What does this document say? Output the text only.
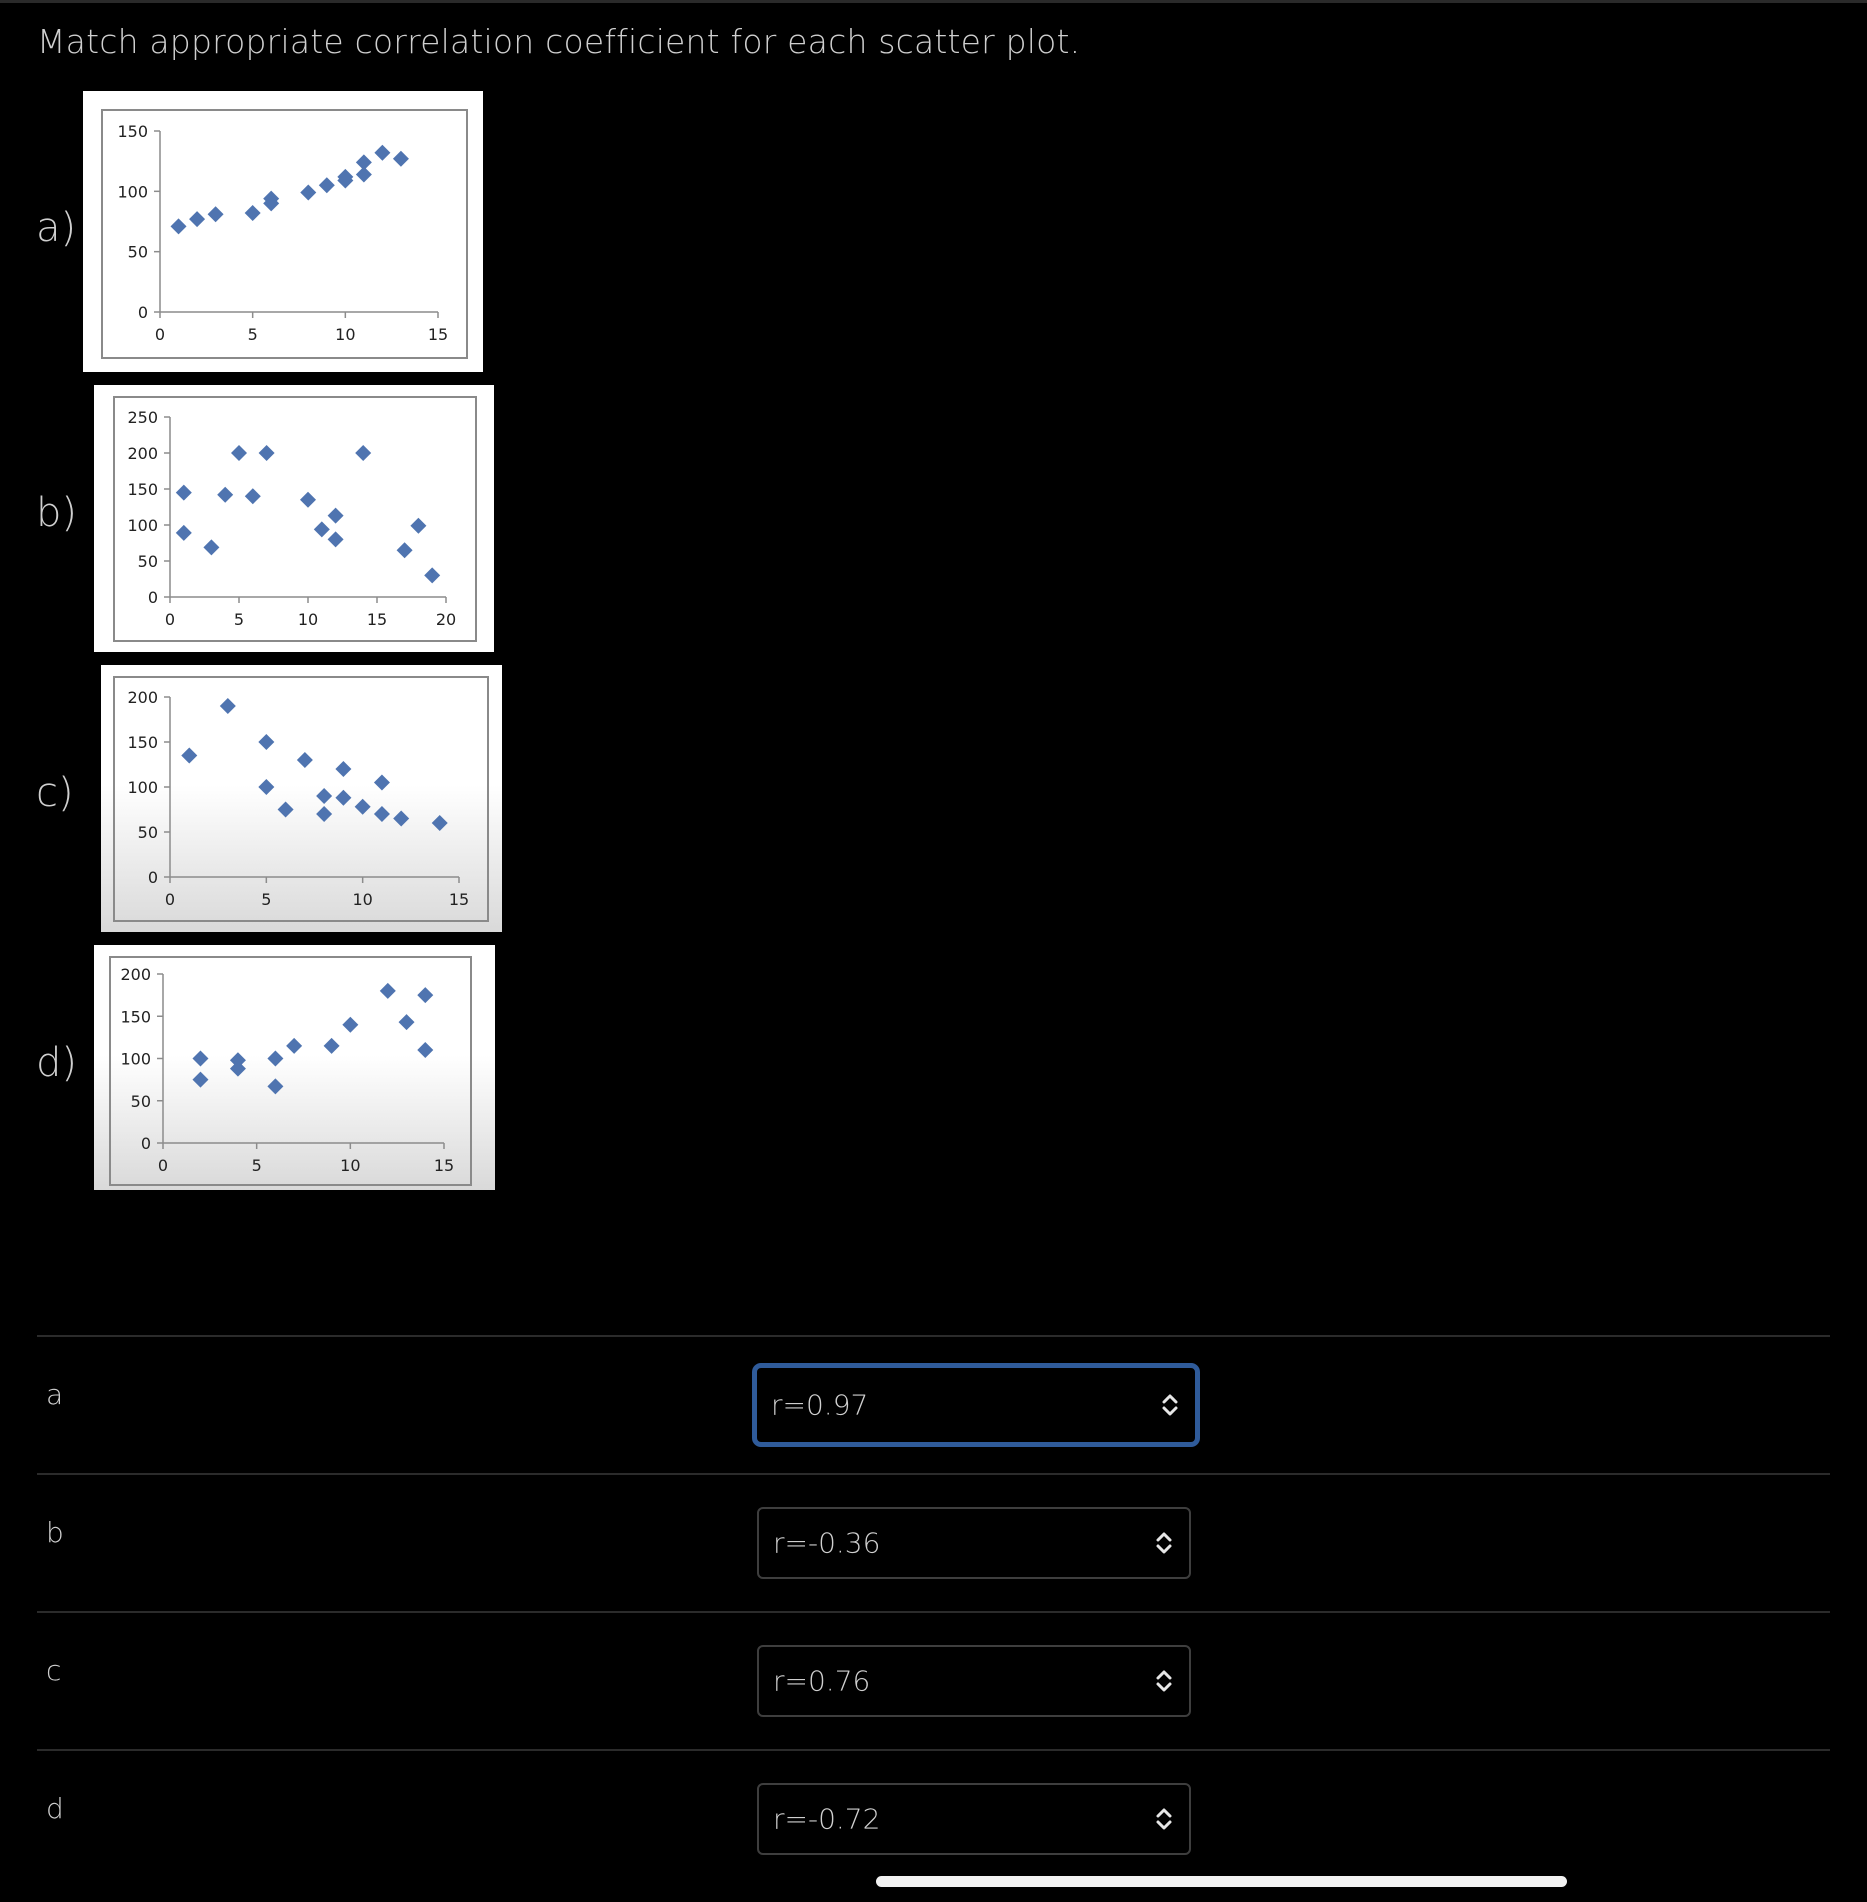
Match appropriate correlation coefficient for each scatter plot.
a)
b)
c)
d)
0
50
100
150
0	5	10	15
0
50
100
150
200
250
0	5	10	15	20
0
50
100
150
200
0	5	10	15
0
50
100
150
200
0	5	10	15
a	r=0.97
b	r=-0.36
c	r=0.76
d	r=-0.72
